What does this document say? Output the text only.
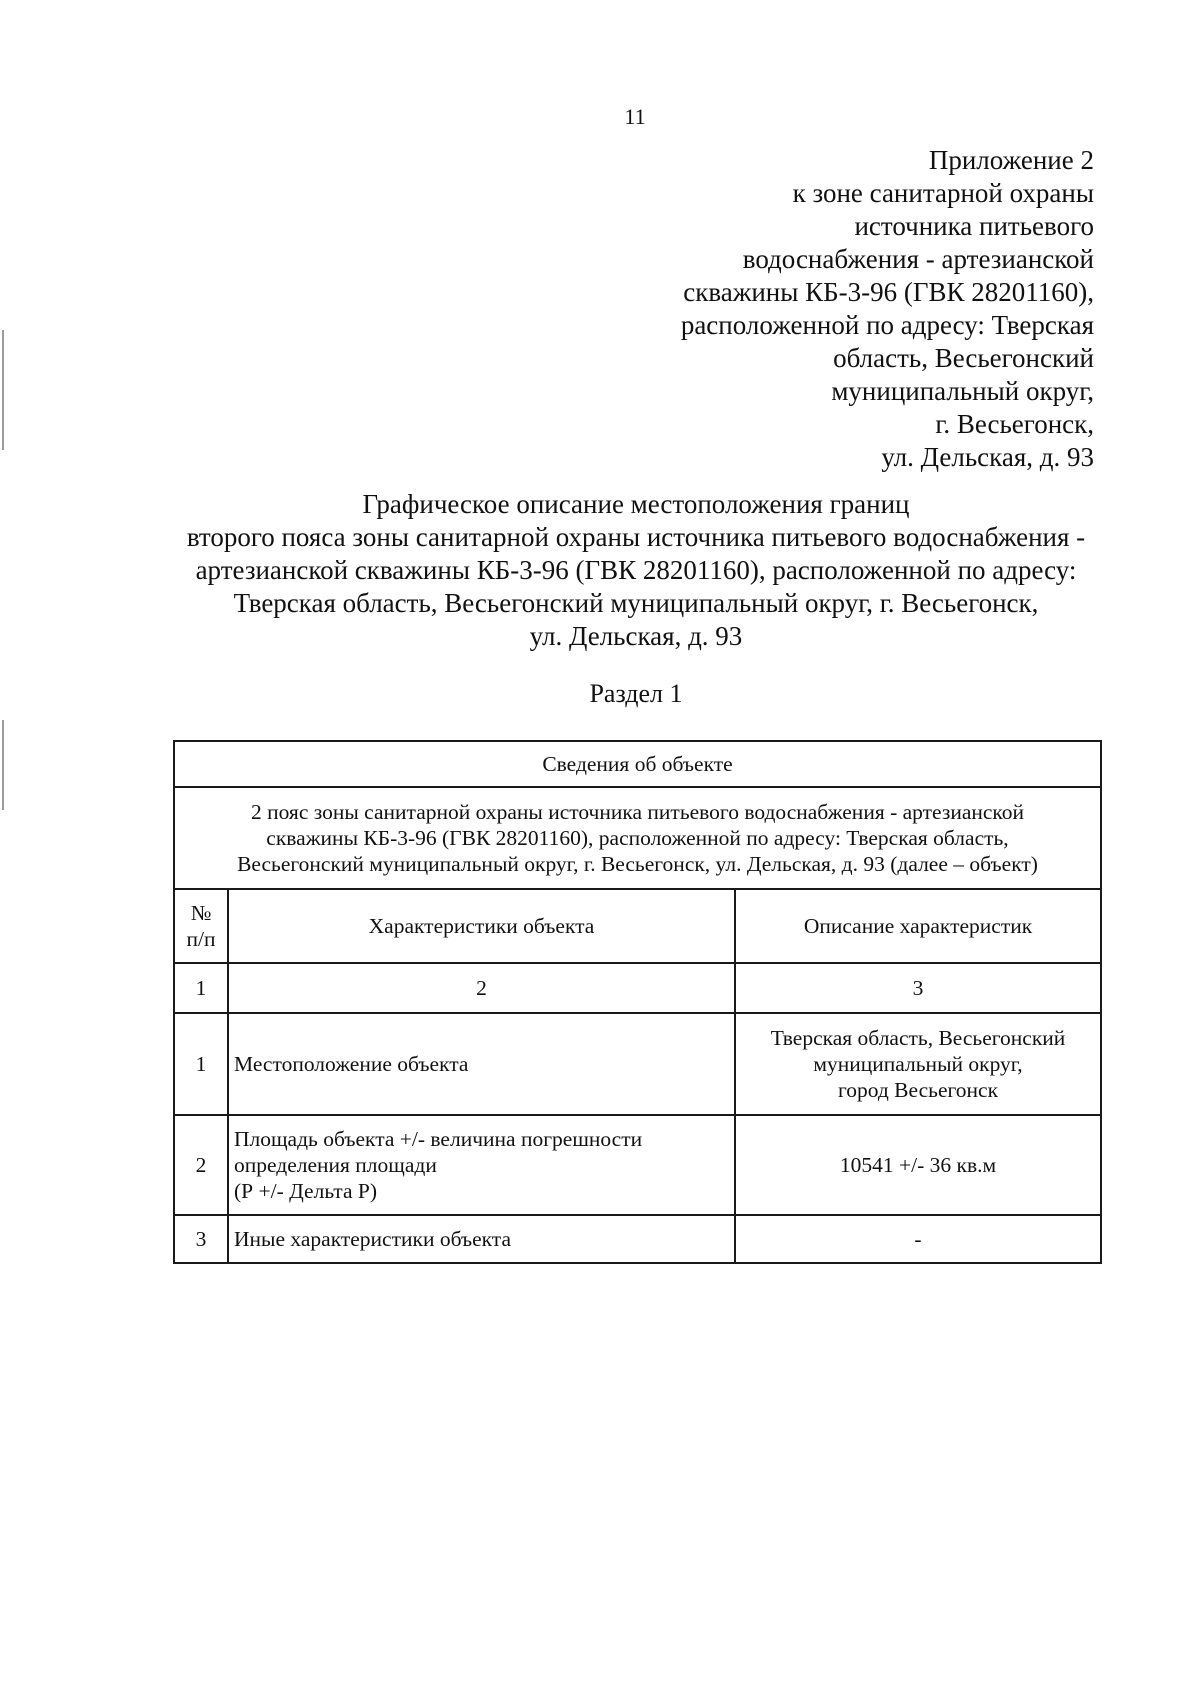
11
Приложение 2
к зоне санитарной охраны
источника питьевого
водоснабжения - артезианской
скважины КБ-3-96 (ГВК 28201160),
расположенной по адресу: Тверская
область, Весьегонский
муниципальный округ,
г. Весьегонск,
ул. Дельская, д. 93
Графическое описание местоположения границ
второго пояса зоны санитарной охраны источника питьевого водоснабжения -
артезианской скважины КБ-3-96 (ГВК 28201160), расположенной по адресу:
Тверская область, Весьегонский муниципальный округ, г. Весьегонск,
ул. Дельская, д. 93
Раздел 1
Сведения об объекте		

2 пояс зоны санитарной охраны источника питьевого водоснабжения - артезианской
скважины КБ-3-96 (ГВК 28201160), расположенной по адресу: Тверская область,
Весьегонский муниципальный округ, г. Весьегонск, ул. Дельская, д. 93 (далее – объект)		

№
п/п	Характеристики объекта	Описание характеристик
1	2	3
1	Местоположение объекта	Тверская область, Весьегонский
муниципальный округ,
город Весьегонск

2	Площадь объекта +/- величина погрешности
определения площади
(Р +/- Дельта Р)	10541 +/- 36 кв.м

3	Иные характеристики объекта	-
